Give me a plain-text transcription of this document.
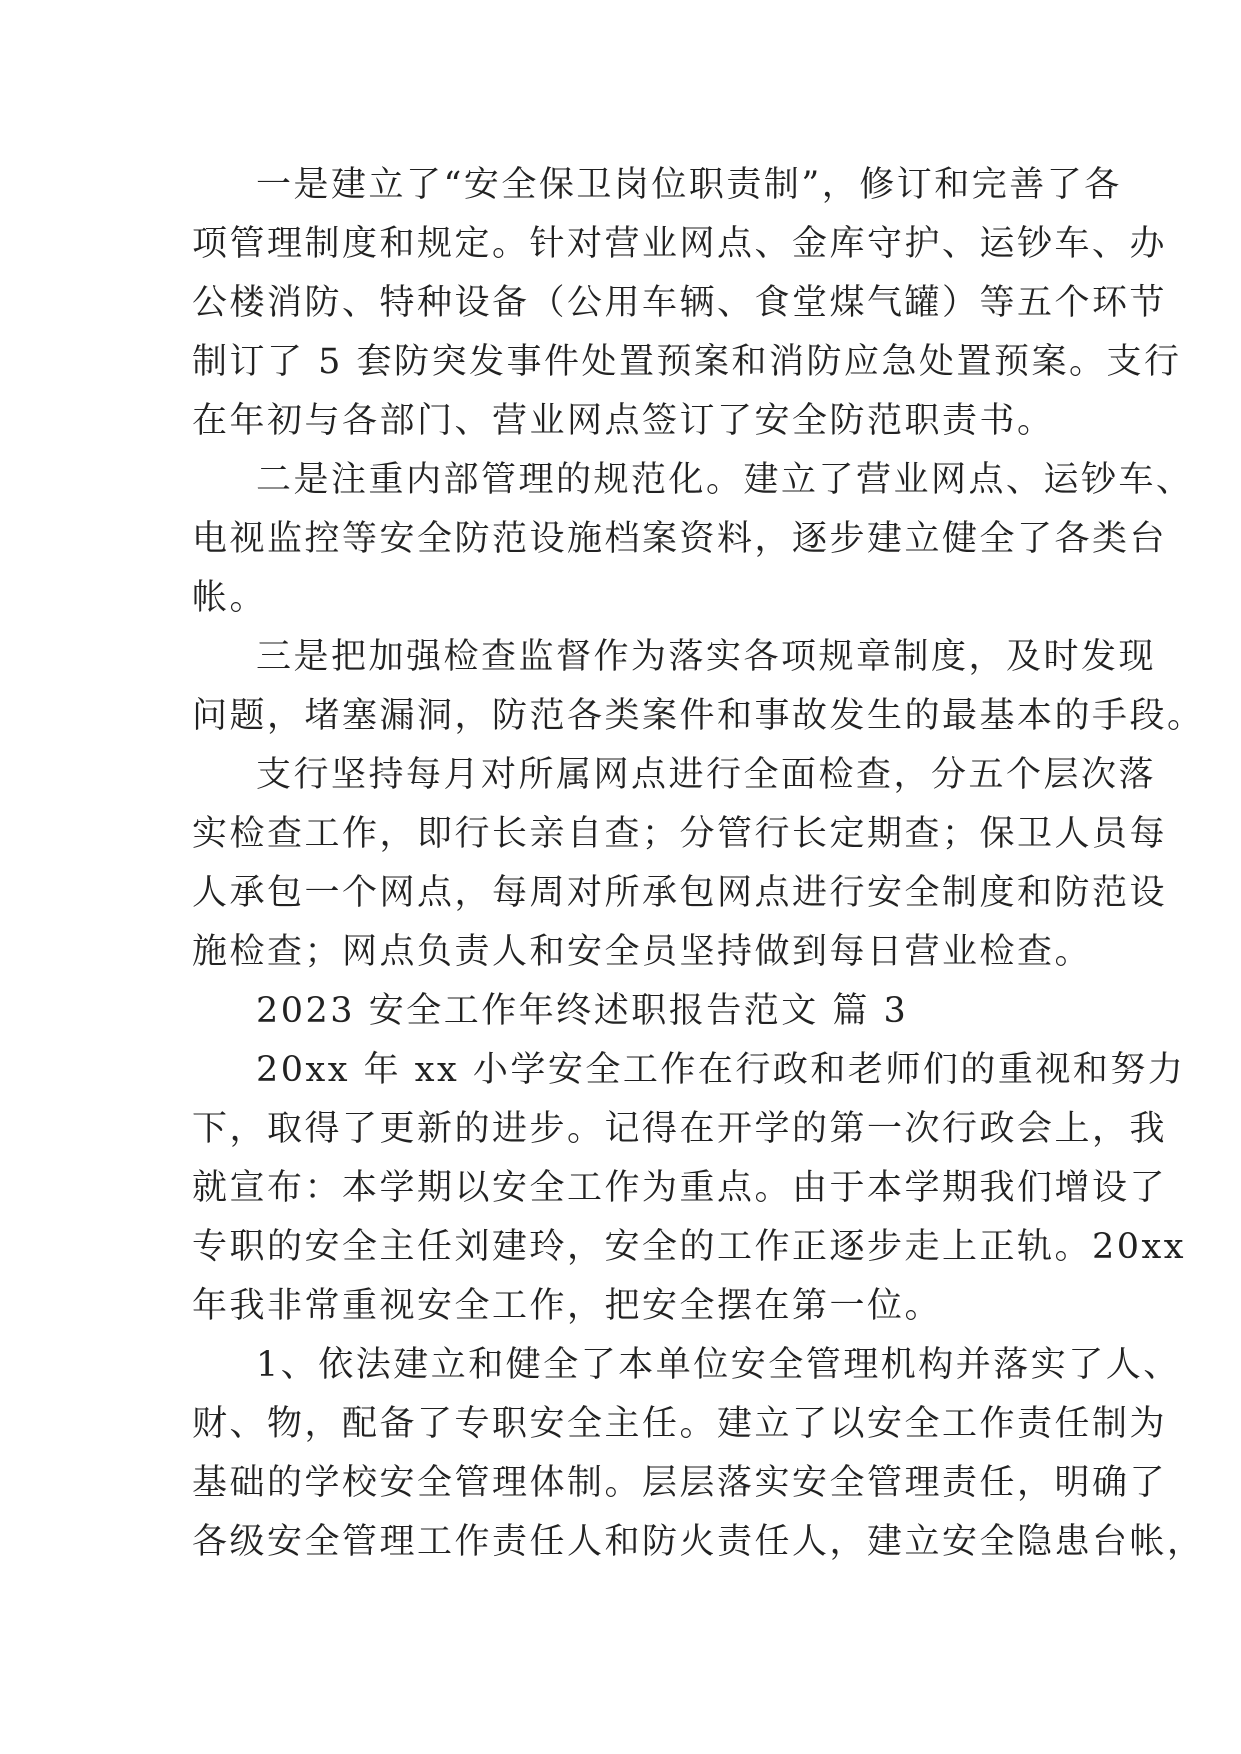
一是建立了“安全保卫岗位职责制”，修订和完善了各
项管理制度和规定。针对营业网点、金库守护、运钞车、办
公楼消防、特种设备（公用车辆、食堂煤气罐）等五个环节
制订了 5 套防突发事件处置预案和消防应急处置预案。支行
在年初与各部门、营业网点签订了安全防范职责书。
二是注重内部管理的规范化。建立了营业网点、运钞车、
电视监控等安全防范设施档案资料，逐步建立健全了各类台
帐。
三是把加强检查监督作为落实各项规章制度，及时发现
问题，堵塞漏洞，防范各类案件和事故发生的最基本的手段。
支行坚持每月对所属网点进行全面检查，分五个层次落
实检查工作，即行长亲自查；分管行长定期查；保卫人员每
人承包一个网点，每周对所承包网点进行安全制度和防范设
施检查；网点负责人和安全员坚持做到每日营业检查。
2023 安全工作年终述职报告范文 篇 3
20xx 年 xx 小学安全工作在行政和老师们的重视和努力
下，取得了更新的进步。记得在开学的第一次行政会上，我
就宣布：本学期以安全工作为重点。由于本学期我们增设了
专职的安全主任刘建玲，安全的工作正逐步走上正轨。20xx
年我非常重视安全工作，把安全摆在第一位。
1、依法建立和健全了本单位安全管理机构并落实了人、
财、物，配备了专职安全主任。建立了以安全工作责任制为
基础的学校安全管理体制。层层落实安全管理责任，明确了
各级安全管理工作责任人和防火责任人，建立安全隐患台帐，
